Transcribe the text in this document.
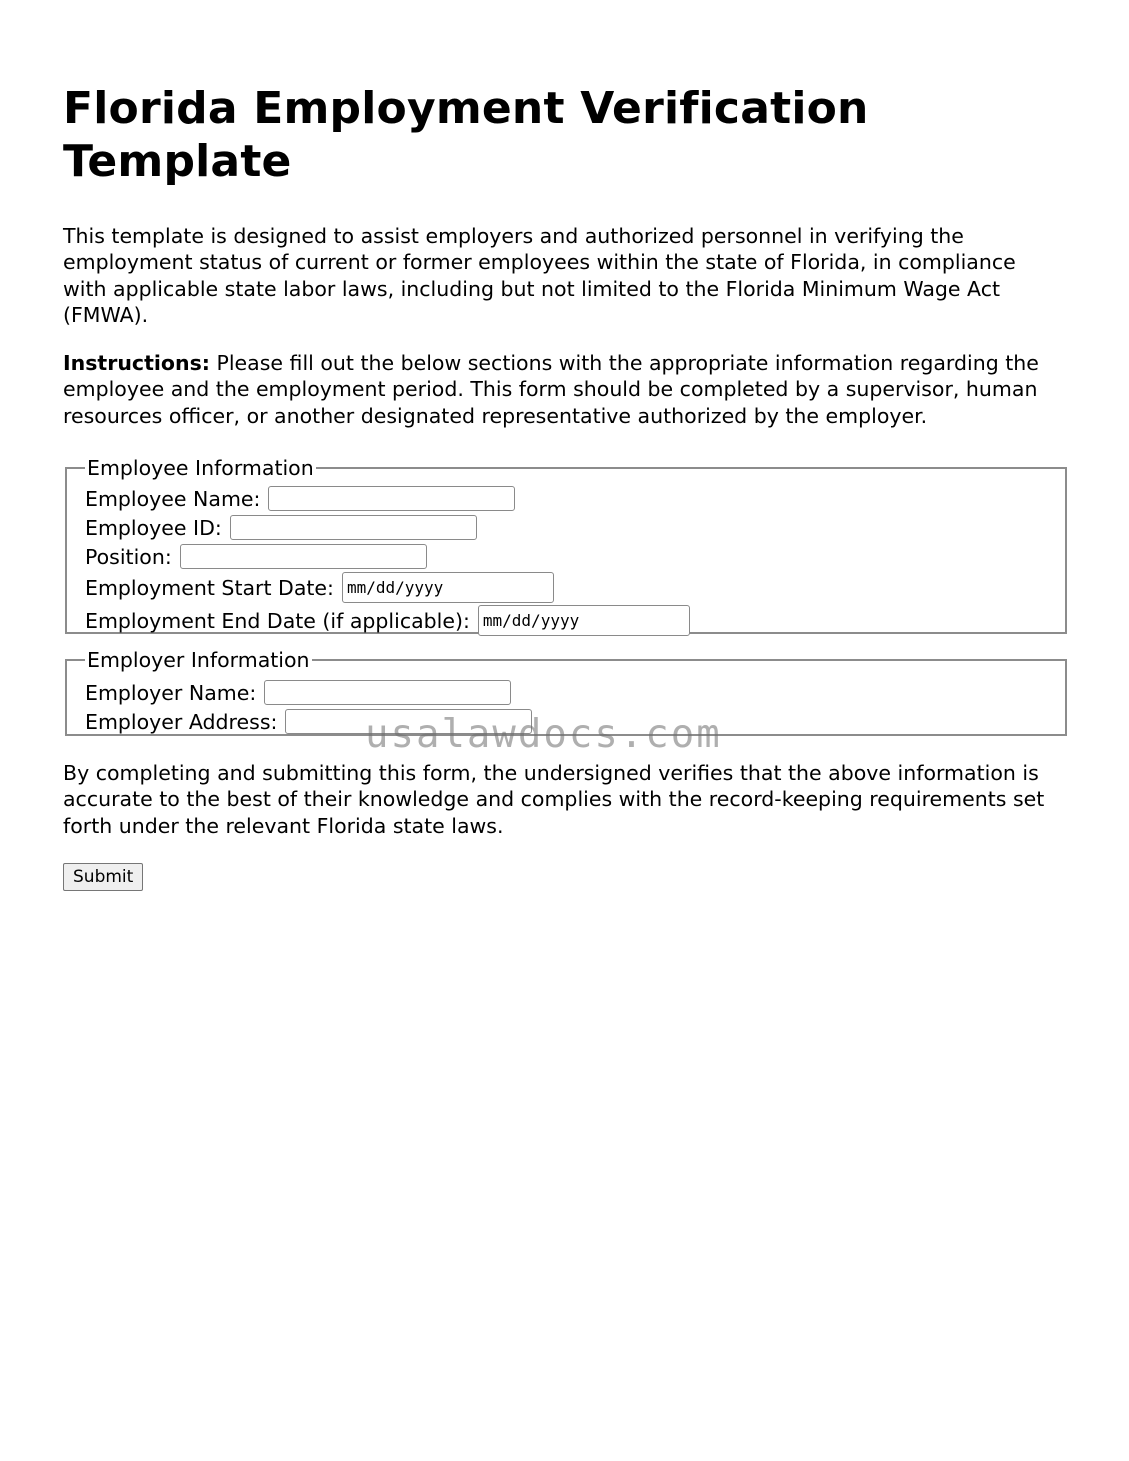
Florida Employment Verification Template

This template is designed to assist employers and authorized personnel in verifying the employment status of current or former employees within the state of Florida, in compliance with applicable state labor laws, including but not limited to the Florida Minimum Wage Act (FMWA).

Instructions: Please fill out the below sections with the appropriate information regarding the employee and the employment period. This form should be completed by a supervisor, human resources officer, or another designated representative authorized by the employer.

Employee Information
Employee Name:
Employee ID:
Position:
Employment Start Date: mm/dd/yyyy
Employment End Date (if applicable): mm/dd/yyyy
Employer Information
Employer Name:
Employer Address:

By completing and submitting this form, the undersigned verifies that the above information is accurate to the best of their knowledge and complies with the record-keeping requirements set forth under the relevant Florida state laws.

Submit
usalawdocs.com
